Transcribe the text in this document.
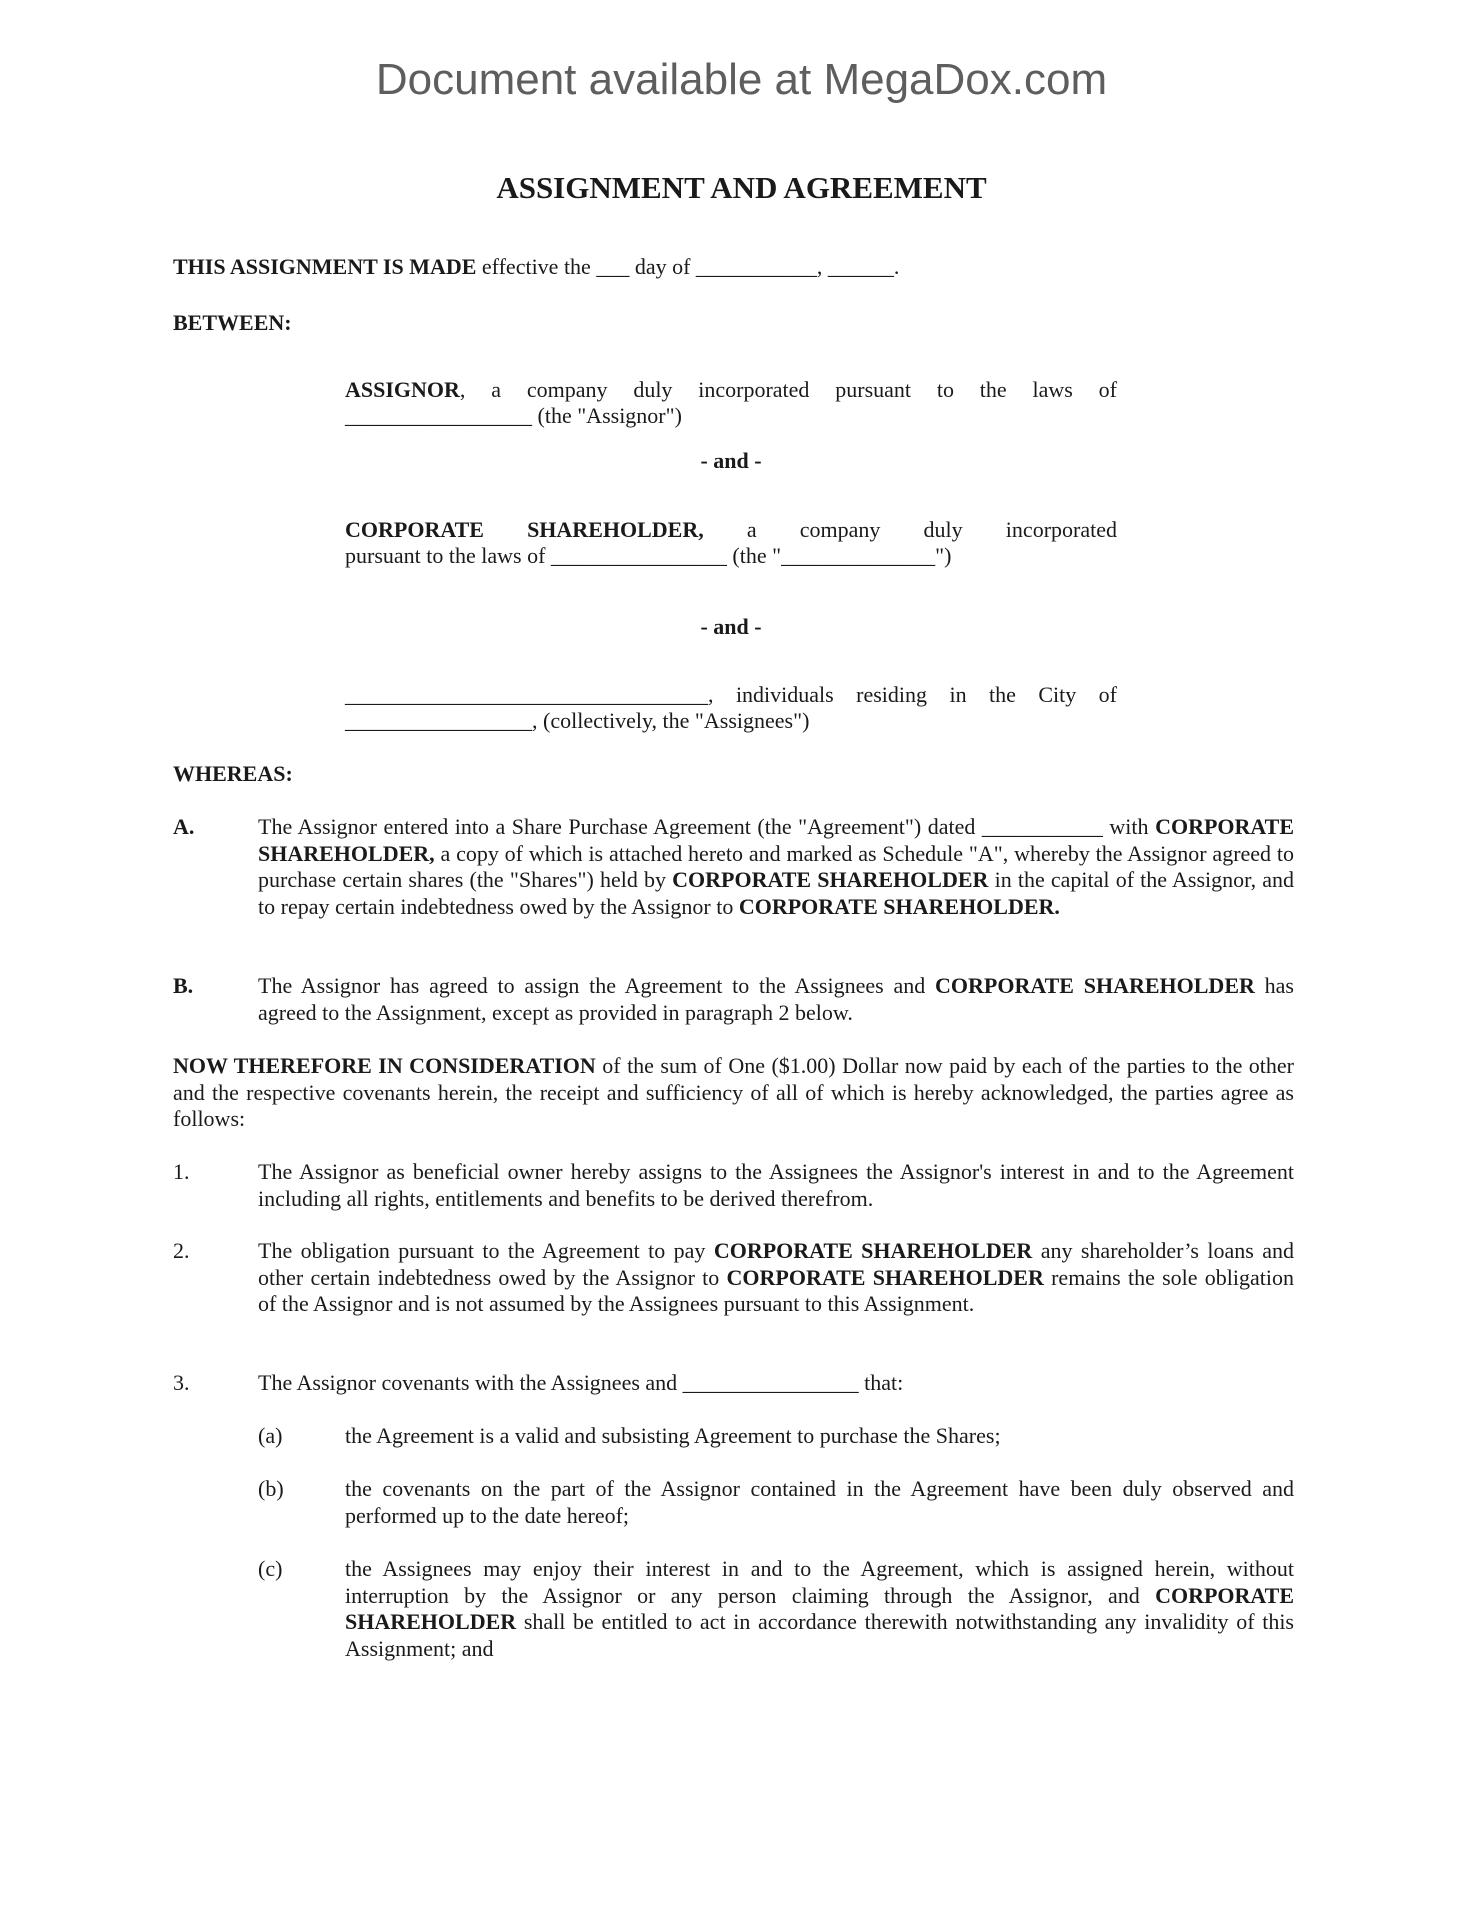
Document available at MegaDox.com
ASSIGNMENT AND AGREEMENT
THIS ASSIGNMENT IS MADE effective the ___ day of ___________, ______.
BETWEEN:
ASSIGNOR, a company duly incorporated pursuant to the laws of
_________________ (the "Assignor")
- and -
CORPORATE SHAREHOLDER, a company duly incorporated
pursuant to the laws of ________________ (the "______________")
- and -
_________________________________, individuals residing in the City of
_________________, (collectively, the "Assignees")
WHEREAS:
A.	The Assignor entered into a Share Purchase Agreement (the "Agreement") dated ___________ with CORPORATE SHAREHOLDER, a copy of which is attached hereto and marked as Schedule "A", whereby the Assignor agreed to purchase certain shares (the "Shares") held by CORPORATE SHAREHOLDER in the capital of the Assignor, and to repay certain indebtedness owed by the Assignor to CORPORATE SHAREHOLDER.
B.	The Assignor has agreed to assign the Agreement to the Assignees and CORPORATE SHAREHOLDER has agreed to the Assignment, except as provided in paragraph 2 below.
NOW THEREFORE IN CONSIDERATION of the sum of One ($1.00) Dollar now paid by each of the parties to the other and the respective covenants herein, the receipt and sufficiency of all of which is hereby acknowledged, the parties agree as follows:
1.	The Assignor as beneficial owner hereby assigns to the Assignees the Assignor's interest in and to the Agreement including all rights, entitlements and benefits to be derived therefrom.
2.	The obligation pursuant to the Agreement to pay CORPORATE SHAREHOLDER any shareholder’s loans and other certain indebtedness owed by the Assignor to CORPORATE SHAREHOLDER remains the sole obligation of the Assignor and is not assumed by the Assignees pursuant to this Assignment.
3.	The Assignor covenants with the Assignees and ________________ that:
(a)	the Agreement is a valid and subsisting Agreement to purchase the Shares;
(b)	the covenants on the part of the Assignor contained in the Agreement have been duly observed and performed up to the date hereof;
(c)	the Assignees may enjoy their interest in and to the Agreement, which is assigned herein, without interruption by the Assignor or any person claiming through the Assignor, and CORPORATE SHAREHOLDER shall be entitled to act in accordance therewith notwithstanding any invalidity of this Assignment; and
